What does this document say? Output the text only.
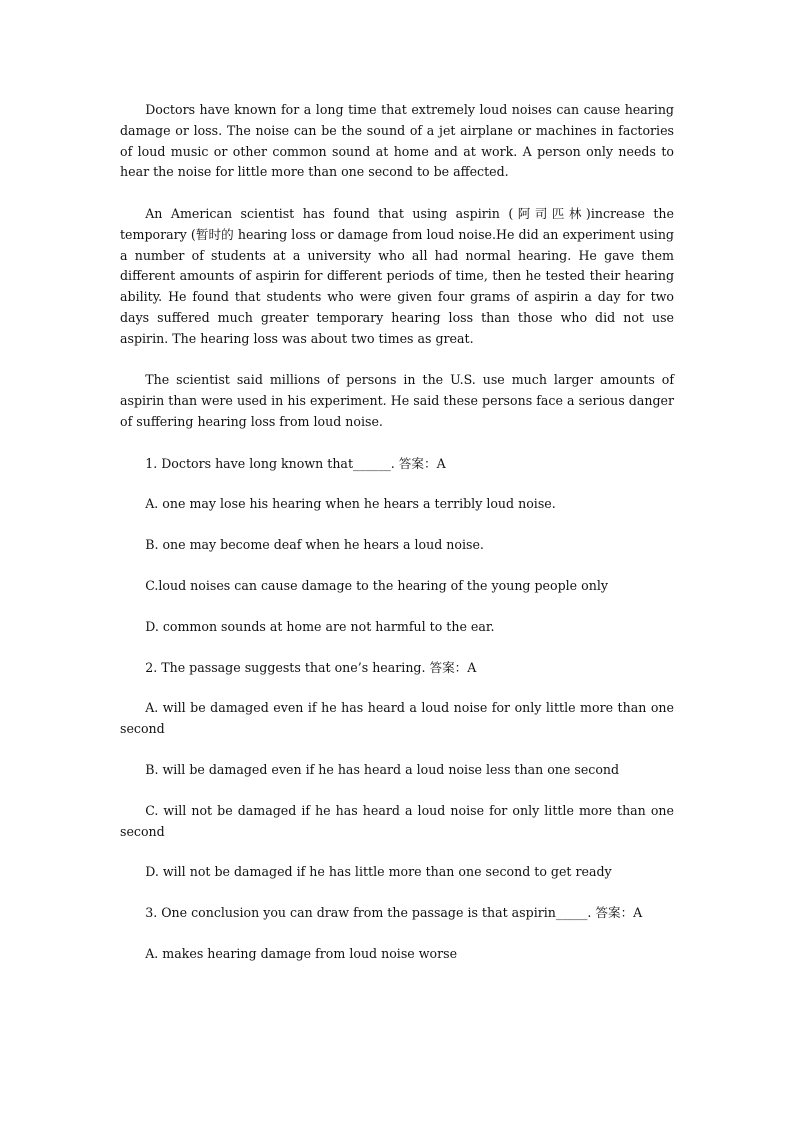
Doctors have known for a long time that extremely loud noises can cause hearing damage or loss. The noise can be the sound of a jet airplane or machines in factories of loud music or other common sound at home and at work. A person only needs to hear the noise for little more than one second to be affected.

An American scientist has found that using aspirin (阿司匹林)increase the temporary (暂时的 hearing loss or damage from loud noise.He did an experiment using a number of students at a university who all had normal hearing. He gave them different amounts of aspirin for different periods of time, then he tested their hearing ability. He found that students who were given four grams of aspirin a day for two days suffered much greater temporary hearing loss than those who did not use aspirin. The hearing loss was about two times as great.

The scientist said millions of persons in the U.S. use much larger amounts of aspirin than were used in his experiment. He said these persons face a serious danger of suffering hearing loss from loud noise.

1. Doctors have long known that______. 答案：A

A. one may lose his hearing when he hears a terribly loud noise.

B. one may become deaf when he hears a loud noise.

C.loud noises can cause damage to the hearing of the young people only

D. common sounds at home are not harmful to the ear.

2. The passage suggests that one’s hearing. 答案：A

A. will be damaged even if he has heard a loud noise for only little more than one second

B. will be damaged even if he has heard a loud noise less than one second

C. will not be damaged if he has heard a loud noise for only little more than one second

D. will not be damaged if he has little more than one second to get ready

3. One conclusion you can draw from the passage is that aspirin_____. 答案：A

A. makes hearing damage from loud noise worse
